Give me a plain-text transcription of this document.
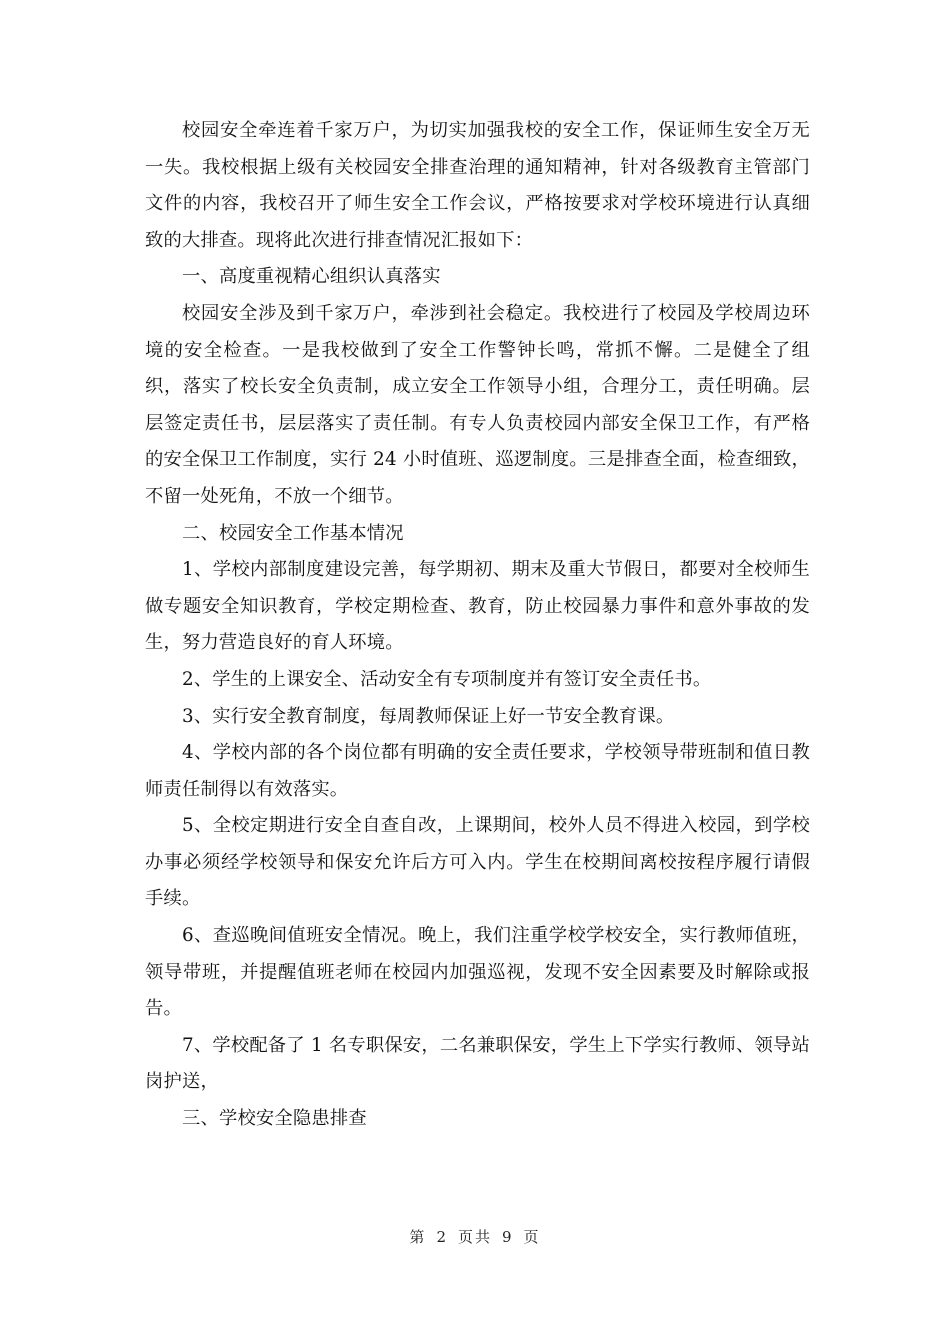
校园安全牵连着千家万户，为切实加强我校的安全工作，保证师生安全万无一失。我校根据上级有关校园安全排查治理的通知精神，针对各级教育主管部门文件的内容，我校召开了师生安全工作会议，严格按要求对学校环境进行认真细致的大排查。现将此次进行排查情况汇报如下：

一、高度重视精心组织认真落实

校园安全涉及到千家万户，牵涉到社会稳定。我校进行了校园及学校周边环境的安全检查。一是我校做到了安全工作警钟长鸣，常抓不懈。二是健全了组织，落实了校长安全负责制，成立安全工作领导小组，合理分工，责任明确。层层签定责任书，层层落实了责任制。有专人负责校园内部安全保卫工作，有严格的安全保卫工作制度，实行 24 小时值班、巡逻制度。三是排查全面，检查细致，不留一处死角，不放一个细节。

二、校园安全工作基本情况

1、学校内部制度建设完善，每学期初、期末及重大节假日，都要对全校师生做专题安全知识教育，学校定期检查、教育，防止校园暴力事件和意外事故的发生，努力营造良好的育人环境。

2、学生的上课安全、活动安全有专项制度并有签订安全责任书。

3、实行安全教育制度，每周教师保证上好一节安全教育课。

4、学校内部的各个岗位都有明确的安全责任要求，学校领导带班制和值日教师责任制得以有效落实。

5、全校定期进行安全自查自改，上课期间，校外人员不得进入校园，到学校办事必须经学校领导和保安允许后方可入内。学生在校期间离校按程序履行请假手续。

6、查巡晚间值班安全情况。晚上，我们注重学校学校安全，实行教师值班，领导带班，并提醒值班老师在校园内加强巡视，发现不安全因素要及时解除或报告。

7、学校配备了 1 名专职保安，二名兼职保安，学生上下学实行教师、领导站岗护送，

三、学校安全隐患排查

第 2 页共 9 页
